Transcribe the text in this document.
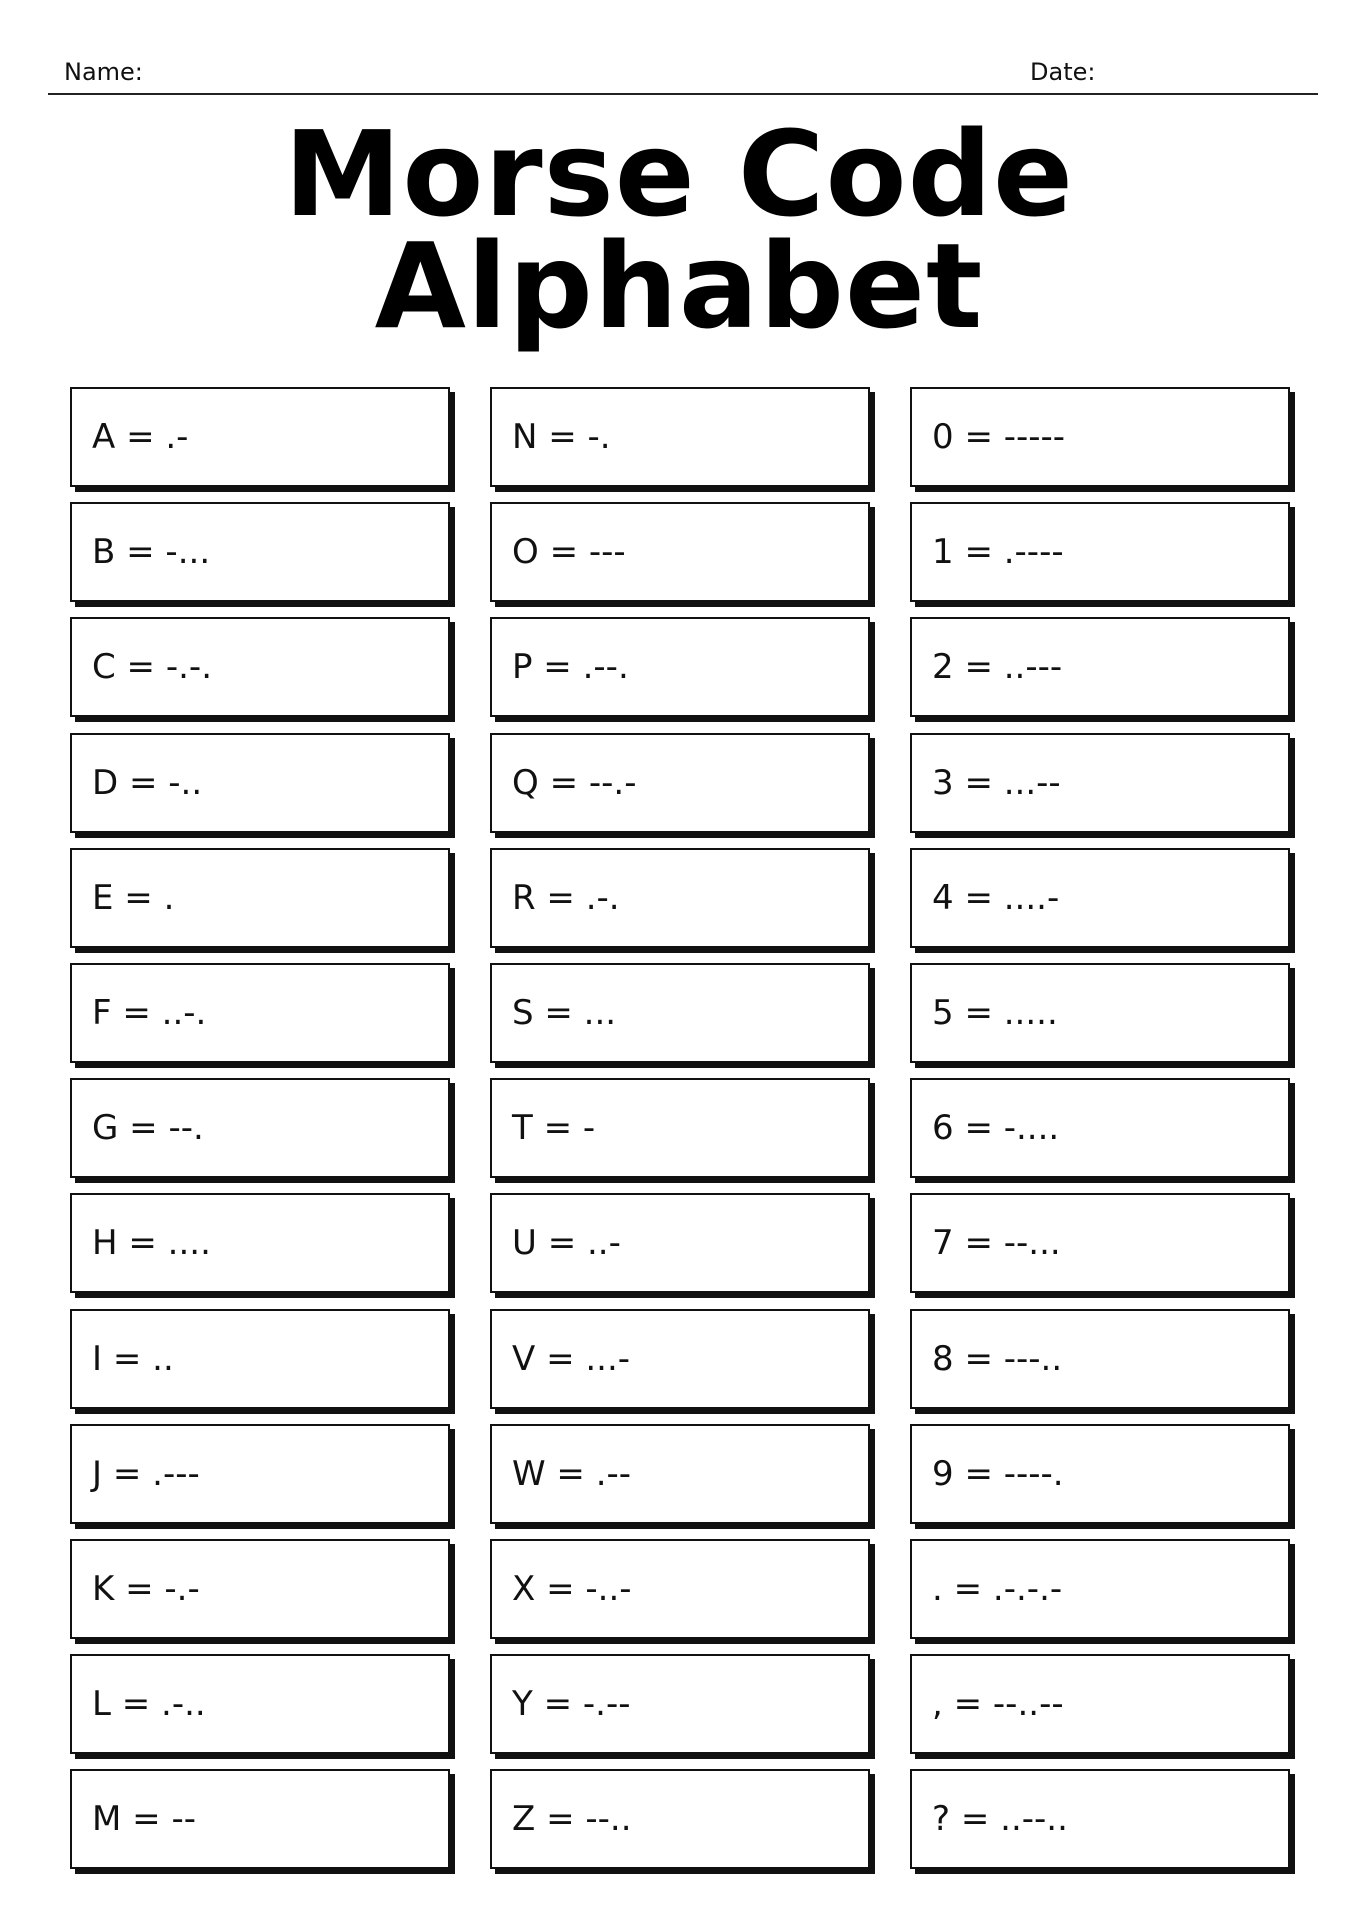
Name:	Date:
Morse Code
Alphabet
A = .-	N = -.	0 = -----
B = -...	O = ---	1 = .----
C = -.-.	P = .--.	2 = ..---
D = -..	Q = --.-	3 = ...--
E = .	R = .-.	4 = ....-
F = ..-.	S = ...	5 = .....
G = --.	T = -	6 = -....
H = ....	U = ..-	7 = --...
I = ..	V = ...-	8 = ---..
J = .---	W = .--	9 = ----.
K = -.-	X = -..-	. = .-.-.-
L = .-..	Y = -.--	, = --..--
M = --	Z = --..	? = ..--..
